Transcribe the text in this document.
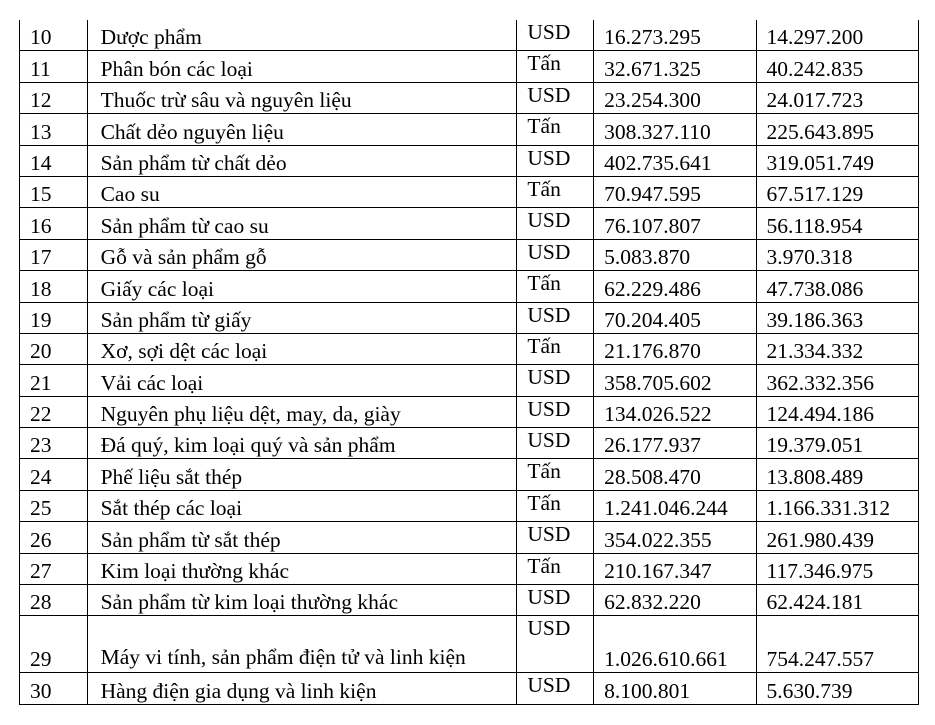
10	Dược phẩm	USD	16.273.295	14.297.200
11	Phân bón các loại	Tấn	32.671.325	40.242.835
12	Thuốc trừ sâu và nguyên liệu	USD	23.254.300	24.017.723
13	Chất dẻo nguyên liệu	Tấn	308.327.110	225.643.895
14	Sản phẩm từ chất dẻo	USD	402.735.641	319.051.749
15	Cao su	Tấn	70.947.595	67.517.129
16	Sản phẩm từ cao su	USD	76.107.807	56.118.954
17	Gỗ và sản phẩm gỗ	USD	5.083.870	3.970.318
18	Giấy các loại	Tấn	62.229.486	47.738.086
19	Sản phẩm từ giấy	USD	70.204.405	39.186.363
20	Xơ, sợi dệt các loại	Tấn	21.176.870	21.334.332
21	Vải các loại	USD	358.705.602	362.332.356
22	Nguyên phụ liệu dệt, may, da, giày	USD	134.026.522	124.494.186
23	Đá quý, kim loại quý và sản phẩm	USD	26.177.937	19.379.051
24	Phế liệu sắt thép	Tấn	28.508.470	13.808.489
25	Sắt thép các loại	Tấn	1.241.046.244	1.166.331.312
26	Sản phẩm từ sắt thép	USD	354.022.355	261.980.439
27	Kim loại thường khác	Tấn	210.167.347	117.346.975
28	Sản phẩm từ kim loại thường khác	USD	62.832.220	62.424.181
29	Máy vi tính, sản phẩm điện tử và linh kiện	USD	1.026.610.661	754.247.557
30	Hàng điện gia dụng và linh kiện	USD	8.100.801	5.630.739
